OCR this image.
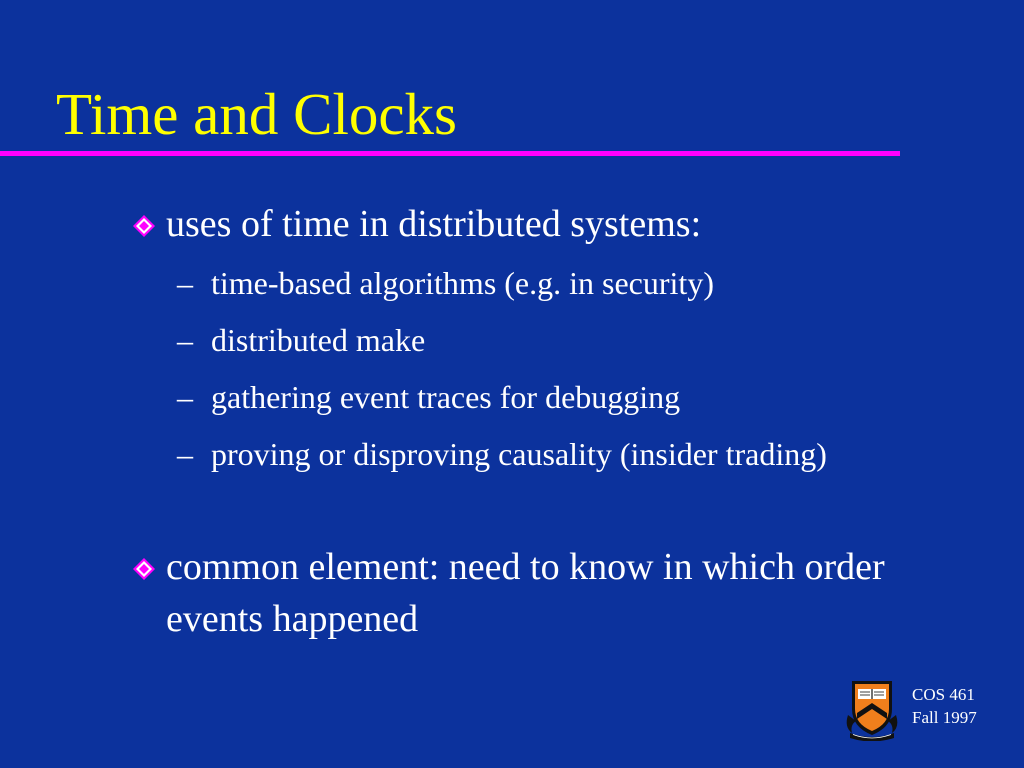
Time and Clocks
uses of time in distributed systems:
– time-based algorithms (e.g. in security)
– distributed make
– gathering event traces for debugging
– proving or disproving causality (insider trading)
common element: need to know in which order events happened
COS 461
Fall 1997
